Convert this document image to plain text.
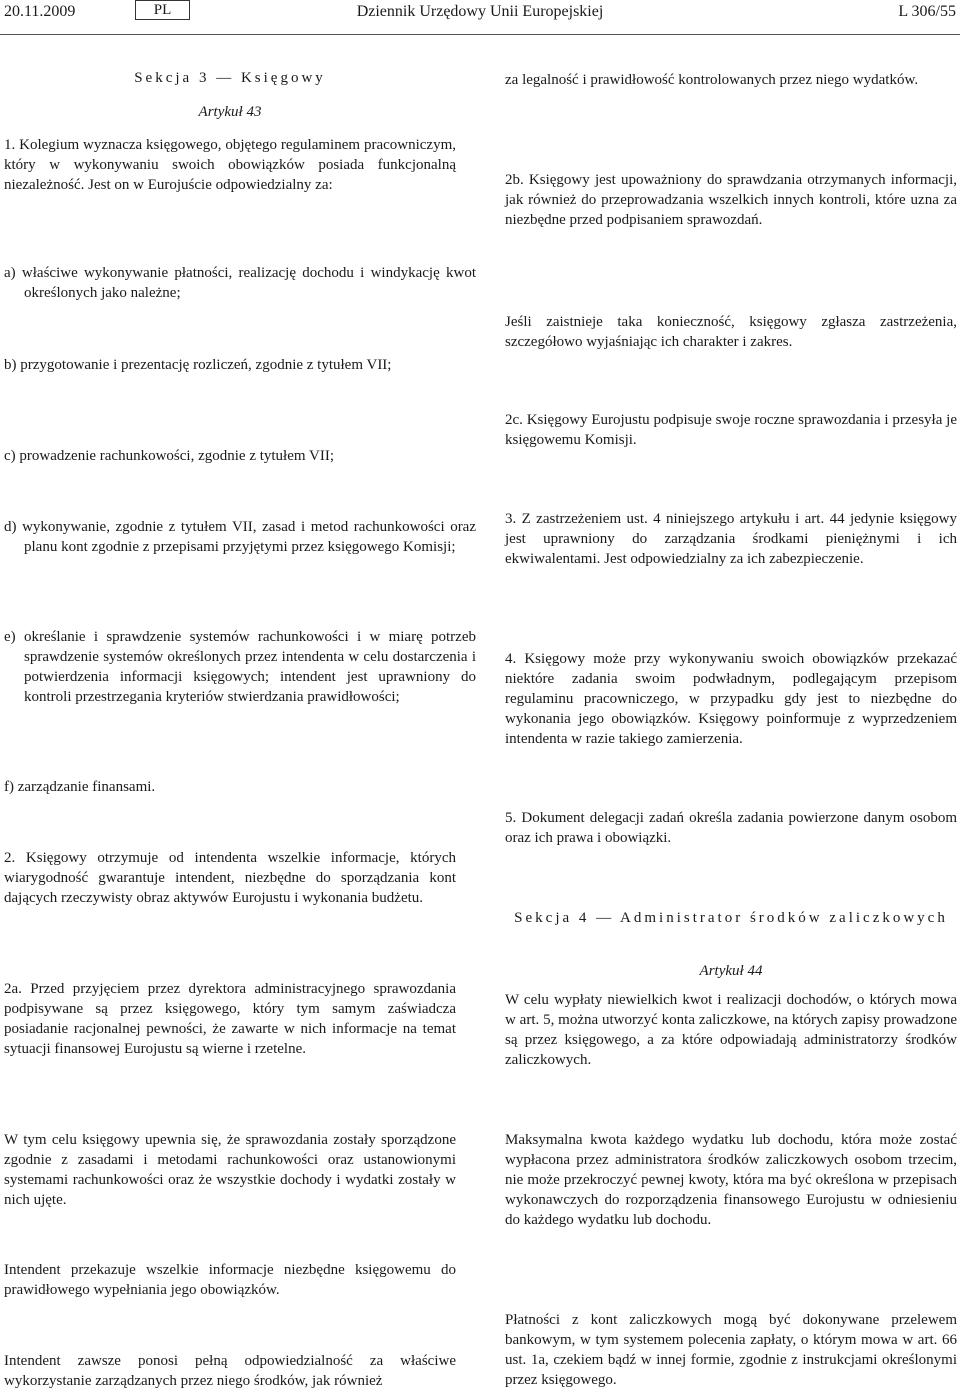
20.11.2009	PL	Dziennik Urzędowy Unii Europejskiej	L 306/55
Sekcja 3 — Księgowy
Artykuł 43

1. Kolegium wyznacza księgowego, objętego regulaminem pracowniczym, który w wykonywaniu swoich obowiązków posiada funkcjonalną niezależność. Jest on w Eurojuście odpowiedzialny za:

a) właściwe wykonywanie płatności, realizację dochodu i windykację kwot określonych jako należne;

b) przygotowanie i prezentację rozliczeń, zgodnie z tytułem VII;

c) prowadzenie rachunkowości, zgodnie z tytułem VII;

d) wykonywanie, zgodnie z tytułem VII, zasad i metod rachunkowości oraz planu kont zgodnie z przepisami przyjętymi przez księgowego Komisji;

e) określanie i sprawdzenie systemów rachunkowości i w miarę potrzeb sprawdzenie systemów określonych przez intendenta w celu dostarczenia i potwierdzenia informacji księgowych; intendent jest uprawniony do kontroli przestrzegania kryteriów stwierdzania prawidłowości;

f) zarządzanie finansami.

2. Księgowy otrzymuje od intendenta wszelkie informacje, których wiarygodność gwarantuje intendent, niezbędne do sporządzania kont dających rzeczywisty obraz aktywów Eurojustu i wykonania budżetu.

2a. Przed przyjęciem przez dyrektora administracyjnego sprawozdania podpisywane są przez księgowego, który tym samym zaświadcza posiadanie racjonalnej pewności, że zawarte w nich informacje na temat sytuacji finansowej Eurojustu są wierne i rzetelne.

W tym celu księgowy upewnia się, że sprawozdania zostały sporządzone zgodnie z zasadami i metodami rachunkowości oraz ustanowionymi systemami rachunkowości oraz że wszystkie dochody i wydatki zostały w nich ujęte.

Intendent przekazuje wszelkie informacje niezbędne księgowemu do prawidłowego wypełniania jego obowiązków.

Intendent zawsze ponosi pełną odpowiedzialność za właściwe wykorzystanie zarządzanych przez niego środków, jak również

za legalność i prawidłowość kontrolowanych przez niego wydatków.

2b. Księgowy jest upoważniony do sprawdzania otrzymanych informacji, jak również do przeprowadzania wszelkich innych kontroli, które uzna za niezbędne przed podpisaniem sprawozdań.

Jeśli zaistnieje taka konieczność, księgowy zgłasza zastrzeżenia, szczegółowo wyjaśniając ich charakter i zakres.

2c. Księgowy Eurojustu podpisuje swoje roczne sprawozdania i przesyła je księgowemu Komisji.

3. Z zastrzeżeniem ust. 4 niniejszego artykułu i art. 44 jedynie księgowy jest uprawniony do zarządzania środkami pieniężnymi i ich ekwiwalentami. Jest odpowiedzialny za ich zabezpieczenie.

4. Księgowy może przy wykonywaniu swoich obowiązków przekazać niektóre zadania swoim podwładnym, podlegającym przepisom regulaminu pracowniczego, w przypadku gdy jest to niezbędne do wykonania jego obowiązków. Księgowy poinformuje z wyprzedzeniem intendenta w razie takiego zamierzenia.

5. Dokument delegacji zadań określa zadania powierzone danym osobom oraz ich prawa i obowiązki.

Sekcja 4 — Administrator środków zaliczkowych
Artykuł 44

W celu wypłaty niewielkich kwot i realizacji dochodów, o których mowa w art. 5, można utworzyć konta zaliczkowe, na których zapisy prowadzone są przez księgowego, a za które odpowiadają administratorzy środków zaliczkowych.

Maksymalna kwota każdego wydatku lub dochodu, która może zostać wypłacona przez administratora środków zaliczkowych osobom trzecim, nie może przekroczyć pewnej kwoty, która ma być określona w przepisach wykonawczych do rozporządzenia finansowego Eurojustu w odniesieniu do każdego wydatku lub dochodu.

Płatności z kont zaliczkowych mogą być dokonywane przelewem bankowym, w tym systemem polecenia zapłaty, o którym mowa w art. 66 ust. 1a, czekiem bądź w innej formie, zgodnie z instrukcjami określonymi przez księgowego.
